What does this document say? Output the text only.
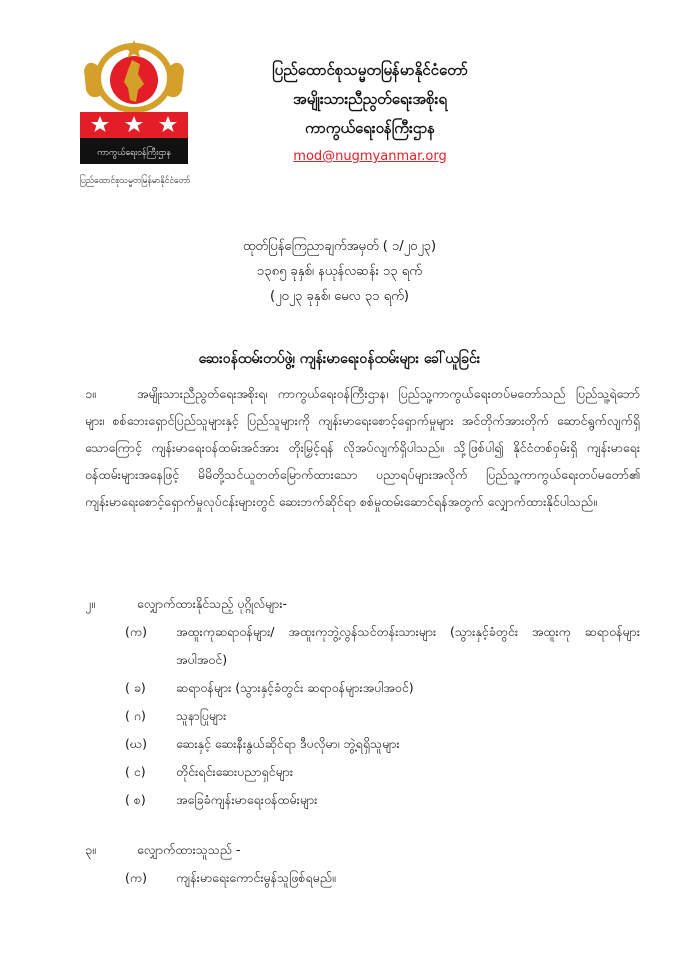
ကာကွယ်ရေးဝန်ကြီးဌာန
ပြည်ထောင်စုသမ္မတမြန်မာနိုင်ငံတော်
ပြည်ထောင်စုသမ္မတမြန်မာနိုင်ငံတော်
အမျိုးသားညီညွတ်ရေးအစိုးရ
ကာကွယ်ရေးဝန်ကြီးဌာန
mod@nugmyanmar.org
ထုတ်ပြန်ကြေညာချက်အမှတ် ( ၁/၂၀၂၃)
၁၃၈၅ ခုနှစ်၊ နယုန်လဆန်း ၁၃ ရက်
(၂၀၂၃ ခုနှစ်၊ မေလ ၃၁ ရက်)
ဆေးဝန်ထမ်းတပ်ဖွဲ့၊ ကျန်းမာရေးဝန်ထမ်းများ ခေါ်ယူခြင်း
၁။	အမျိုးသားညီညွတ်ရေးအစိုးရ၊ ကာကွယ်ရေးဝန်ကြီးဌာန၊ ပြည်သူ့ကာကွယ်ရေးတပ်မတော်သည် ပြည်သူ့ရဲဘော်များ၊ စစ်ဘေးရှောင်ပြည်သူများနှင့် ပြည်သူများကို ကျန်းမာရေးစောင့်ရှောက်မှုများ အင်တိုက်အားတိုက် ဆောင်ရွက်လျက်ရှိသောကြောင့် ကျန်းမာရေးဝန်ထမ်းအင်အား တိုးမြှင့်ရန် လိုအပ်လျက်ရှိပါသည်။ သို့ဖြစ်ပါ၍ နိုင်ငံတစ်ဝှမ်းရှိ ကျန်းမာရေးဝန်ထမ်းများအနေဖြင့် မိမိတို့သင်ယူတတ်မြောက်ထားသော ပညာရပ်များအလိုက် ပြည်သူ့ကာကွယ်ရေးတပ်မတော်၏ ကျန်းမာရေးစောင့်ရှောက်မှုလုပ်ငန်းများတွင် ဆေးဘက်ဆိုင်ရာ စစ်မှုထမ်းဆောင်ရန်အတွက် လျှောက်ထားနိုင်ပါသည်။
၂။	လျှောက်ထားနိုင်သည့် ပုဂ္ဂိုလ်များ-
(က)	အထူးကုဆရာဝန်များ/ အထူးကုဘွဲ့လွန်သင်တန်းသားများ (သွားနှင့်ခံတွင်း အထူးကု ဆရာဝန်များအပါအဝင်)
( ခ)	ဆရာဝန်များ (သွားနှင့်ခံတွင်း ဆရာဝန်များအပါအဝင်)
( ဂ)	သူနာပြုများ
(ဃ)	ဆေးနှင့် ဆေးနီးနွယ်ဆိုင်ရာ ဒီပလိုမာ၊ ဘွဲ့ရရှိသူများ
( င)	တိုင်းရင်းဆေးပညာရှင်များ
( စ)	အခြေခံကျန်းမာရေးဝန်ထမ်းများ
၃။	လျှောက်ထားသူသည် -
(က)	ကျန်းမာရေးကောင်းမွန်သူဖြစ်ရမည်။
